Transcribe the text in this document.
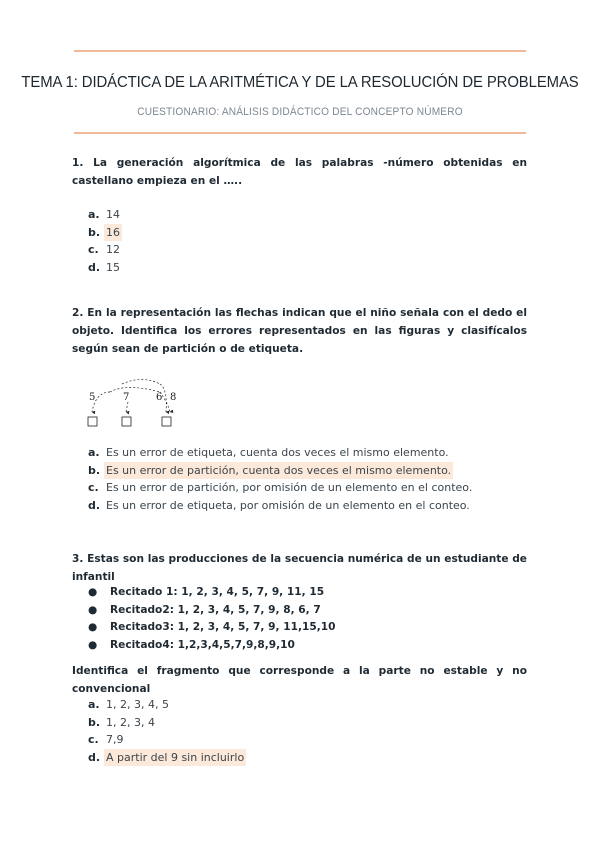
TEMA 1: DIDÁCTICA DE LA ARITMÉTICA Y DE LA RESOLUCIÓN DE PROBLEMAS
CUESTIONARIO: ANÁLISIS DIDÁCTICO DEL CONCEPTO NÚMERO
1. La generación algorítmica de las palabras -número obtenidas en castellano empieza en el …..
a. 14
b. 16
c. 12
d. 15
2. En la representación las flechas indican que el niño señala con el dedo el objeto. Identifica los errores representados en las figuras y clasifícalos según sean de partición o de etiqueta.
5	7	6 8
a. Es un error de etiqueta, cuenta dos veces el mismo elemento.
b. Es un error de partición, cuenta dos veces el mismo elemento.
c. Es un error de partición, por omisión de un elemento en el conteo.
d. Es un error de etiqueta, por omisión de un elemento en el conteo.
3. Estas son las producciones de la secuencia numérica de un estudiante de infantil
● Recitado 1: 1, 2, 3, 4, 5, 7, 9, 11, 15
● Recitado2: 1, 2, 3, 4, 5, 7, 9, 8, 6, 7
● Recitado3: 1, 2, 3, 4, 5, 7, 9, 11,15,10
● Recitado4: 1,2,3,4,5,7,9,8,9,10
Identifica el fragmento que corresponde a la parte no estable y no convencional
a. 1, 2, 3, 4, 5
b. 1, 2, 3, 4
c. 7,9
d. A partir del 9 sin incluirlo
